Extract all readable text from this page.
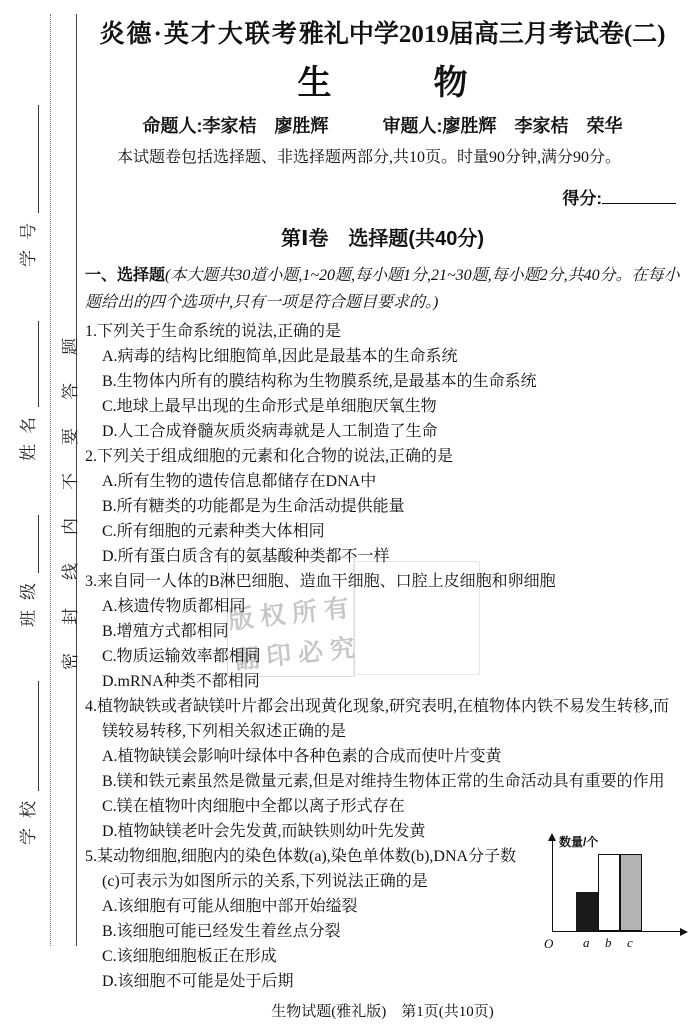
学校
班级
姓名
学号
密封线内不要答题	版权所有
翻印必究
炎德·英才大联考雅礼中学2019届高三月考试卷(二)
生　　　物
命题人:李家桔　廖胜辉　　　审题人:廖胜辉　李家桔　荣华

本试题卷包括选择题、非选择题两部分,共10页。时量90分钟,满分90分。

得分:
第Ⅰ卷　选择题(共40分)

一、选择题(本大题共30道小题,1~20题,每小题1分,21~30题,每小题2分,共40分。在每小题给出的四个选项中,只有一项是符合题目要求的。)

1.下列关于生命系统的说法,正确的是
A.病毒的结构比细胞简单,因此是最基本的生命系统
B.生物体内所有的膜结构称为生物膜系统,是最基本的生命系统
C.地球上最早出现的生命形式是单细胞厌氧生物
D.人工合成脊髓灰质炎病毒就是人工制造了生命
2.下列关于组成细胞的元素和化合物的说法,正确的是
A.所有生物的遗传信息都储存在DNA中
B.所有糖类的功能都是为生命活动提供能量
C.所有细胞的元素种类大体相同
D.所有蛋白质含有的氨基酸种类都不一样
3.来自同一人体的B淋巴细胞、造血干细胞、口腔上皮细胞和卵细胞
A.核遗传物质都相同
B.增殖方式都相同
C.物质运输效率都相同
D.mRNA种类不都相同
4.植物缺铁或者缺镁叶片都会出现黄化现象,研究表明,在植物体内铁不易发生转移,而镁较易转移,下列相关叙述正确的是
A.植物缺镁会影响叶绿体中各种色素的合成而使叶片变黄
B.镁和铁元素虽然是微量元素,但是对维持生物体正常的生命活动具有重要的作用
C.镁在植物叶肉细胞中全都以离子形式存在
D.植物缺镁老叶会先发黄,而缺铁则幼叶先发黄
5.某动物细胞,细胞内的染色体数(a),染色单体数(b),DNA分子数(c)可表示为如图所示的关系,下列说法正确的是
A.该细胞有可能从细胞中部开始缢裂
B.该细胞可能已经发生着丝点分裂
C.该细胞细胞板正在形成
D.该细胞不可能是处于后期
数量/个
O a b c
生物试题(雅礼版)　第1页(共10页)
